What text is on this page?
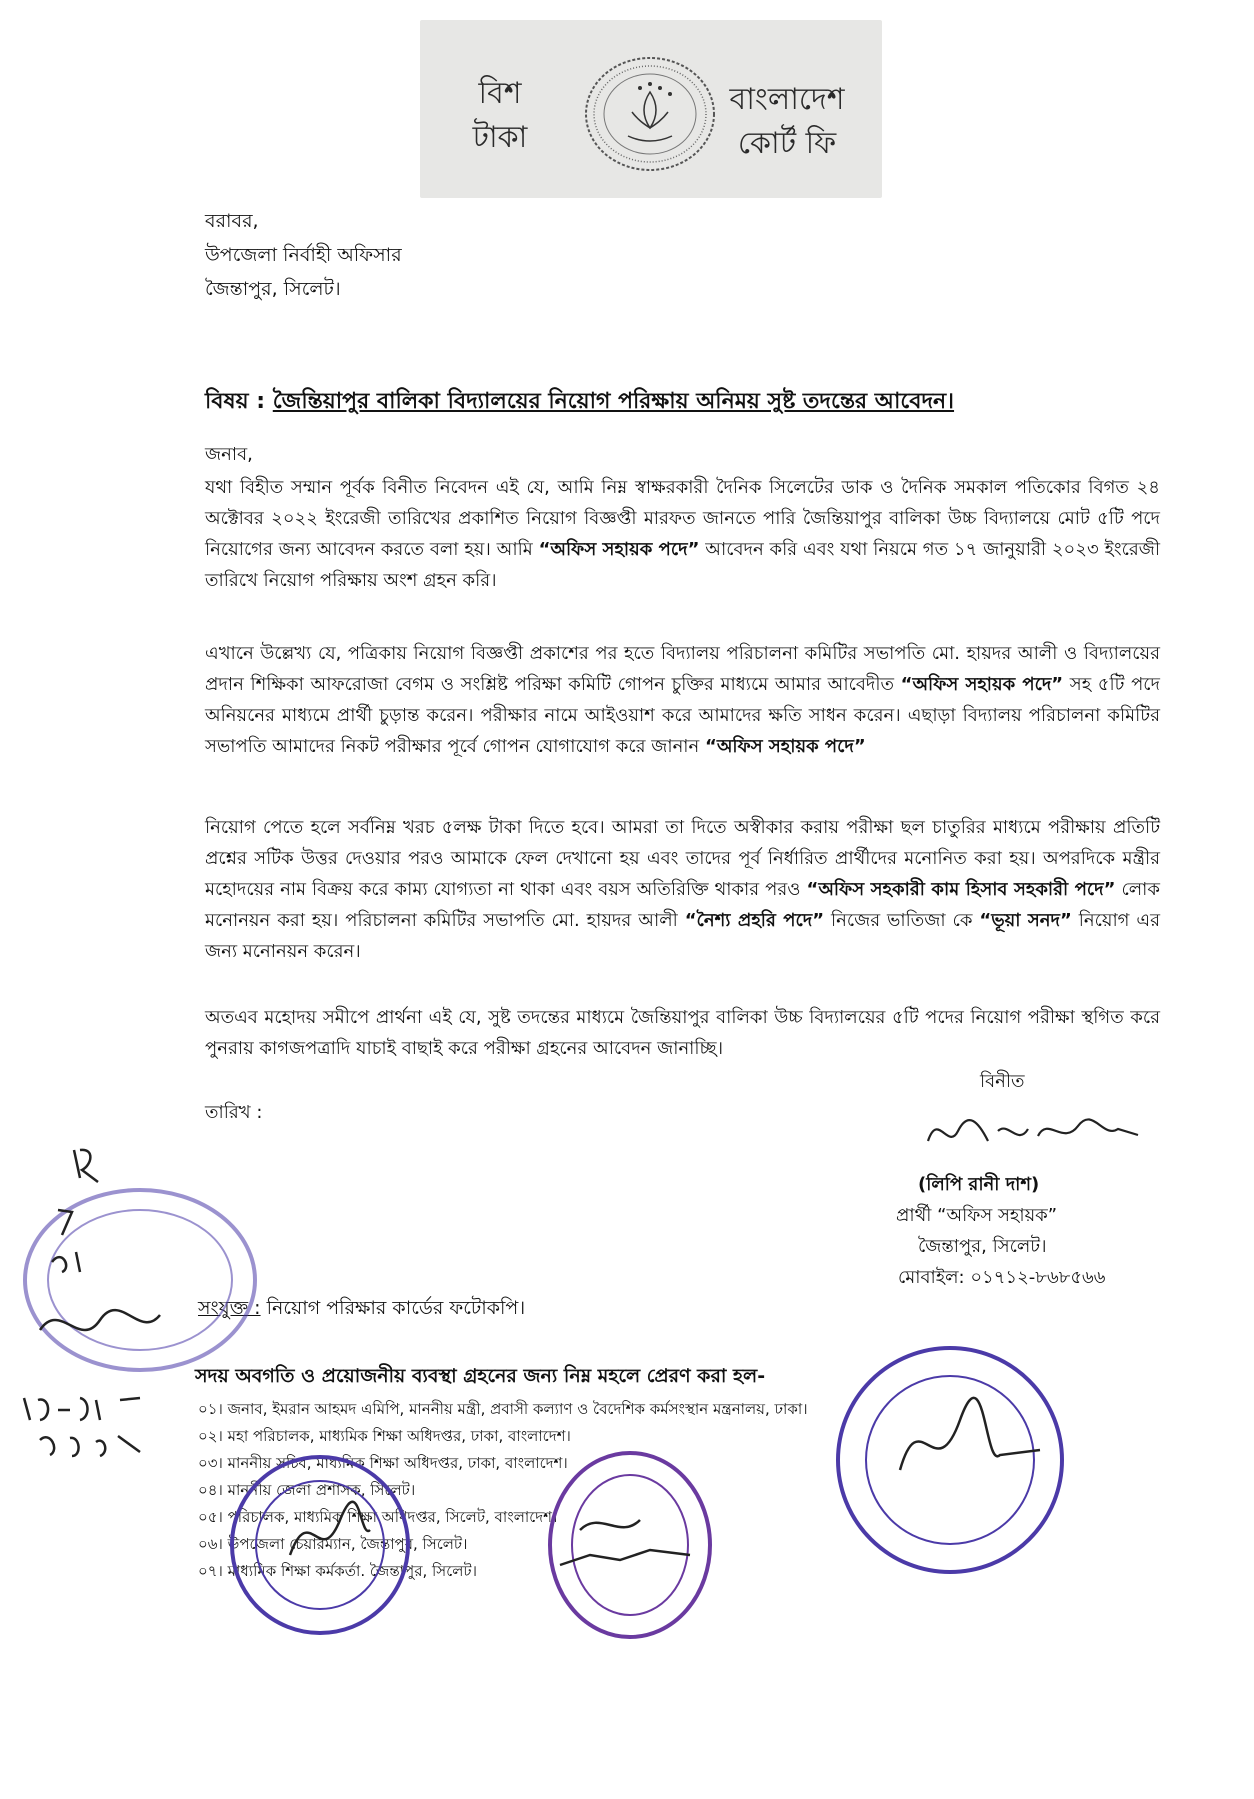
বিশ
টাকা
বাংলাদেশ
কোর্ট ফি
বরাবর,
উপজেলা নির্বাহী অফিসার
জৈন্তাপুর, সিলেট।
বিষয় : জৈন্তিয়াপুর বালিকা বিদ্যালয়ের নিয়োগ পরিক্ষায় অনিময় সুষ্ট তদন্তের আবেদন।
জনাব,

যথা বিহীত সম্মান পূর্বক বিনীত নিবেদন এই যে, আমি নিম্ন স্বাক্ষরকারী দৈনিক সিলেটের ডাক ও দৈনিক সমকাল পতিকোর বিগত ২৪ অক্টোবর ২০২২ ইংরেজী তারিখের প্রকাশিত নিয়োগ বিজ্ঞপ্তী মারফত জানতে পারি জৈন্তিয়াপুর বালিকা উচ্চ বিদ্যালয়ে মোট ৫টি পদে নিয়োগের জন্য আবেদন করতে বলা হয়। আমি “অফিস সহায়ক পদে” আবেদন করি এবং যথা নিয়মে গত ১৭ জানুয়ারী ২০২৩ ইংরেজী তারিখে নিয়োগ পরিক্ষায় অংশ গ্রহন করি।

এখানে উল্লেখ্য যে, পত্রিকায় নিয়োগ বিজ্ঞপ্তী প্রকাশের পর হতে বিদ্যালয় পরিচালনা কমিটির সভাপতি মো. হায়দর আলী ও বিদ্যালয়ের প্রদান শিক্ষিকা আফরোজা বেগম ও সংশ্লিষ্ট পরিক্ষা কমিটি গোপন চুক্তির মাধ্যমে আমার আবেদীত “অফিস সহায়ক পদে” সহ ৫টি পদে অনিয়নের মাধ্যমে প্রার্থী চুড়ান্ত করেন। পরীক্ষার নামে আইওয়াশ করে আমাদের ক্ষতি সাধন করেন। এছাড়া বিদ্যালয় পরিচালনা কমিটির সভাপতি আমাদের নিকট পরীক্ষার পূর্বে গোপন যোগাযোগ করে জানান “অফিস সহায়ক পদে”

নিয়োগ পেতে হলে সর্বনিম্ন খরচ ৫লক্ষ টাকা দিতে হবে। আমরা তা দিতে অস্বীকার করায় পরীক্ষা ছল চাতুরির মাধ্যমে পরীক্ষায় প্রতিটি প্রশ্নের সটিক উত্তর দেওয়ার পরও আমাকে ফেল দেখানো হয় এবং তাদের পূর্ব নির্ধারিত প্রার্থীদের মনোনিত করা হয়। অপরদিকে মন্ত্রীর মহোদয়ের নাম বিক্রয় করে কাম্য যোগ্যতা না থাকা এবং বয়স অতিরিক্তি থাকার পরও “অফিস সহকারী কাম হিসাব সহকারী পদে” লোক মনোনয়ন করা হয়। পরিচালনা কমিটির সভাপতি মো. হায়দর আলী “নৈশ্য প্রহরি পদে” নিজের ভাতিজা কে “ভূয়া সনদ” নিয়োগ এর জন্য মনোনয়ন করেন।

অতএব মহোদয় সমীপে প্রার্থনা এই যে, সুষ্ট তদন্তের মাধ্যমে জৈন্তিয়াপুর বালিকা উচ্চ বিদ্যালয়ের ৫টি পদের নিয়োগ পরীক্ষা স্থগিত করে পুনরায় কাগজপত্রাদি যাচাই বাছাই করে পরীক্ষা গ্রহনের আবেদন জানাচ্ছি।

তারিখ :
বিনীত
(লিপি রানী দাশ)
প্রার্থী “অফিস সহায়ক”
জৈন্তাপুর, সিলেট।
মোবাইল: ০১৭১২-৮৬৮৫৬৬
সংযুক্ত : নিয়োগ পরিক্ষার কার্ডের ফটোকপি।
সদয় অবগতি ও প্রয়োজনীয় ব্যবস্থা গ্রহনের জন্য নিম্ন মহলে প্রেরণ করা হল-
০১। জনাব, ইমরান আহমদ এমিপি, মাননীয় মন্ত্রী, প্রবাসী কল্যাণ ও বৈদেশিক কর্মসংস্থান মন্ত্রনালয়, ঢাকা।
০২। মহা পরিচালক, মাধ্যমিক শিক্ষা অধিদপ্তর, ঢাকা, বাংলাদেশ।
০৩। মাননীয় সচিব, মাধ্যমিক শিক্ষা অধিদপ্তর, ঢাকা, বাংলাদেশ।
০৪। মাননীয় জেলা প্রশাসক, সিলেট।
০৫। পরিচালক, মাধ্যমিক শিক্ষা অধিদপ্তর, সিলেট, বাংলাদেশ।
০৬। উপজেলা চেয়ারম্যান, জৈন্তাপুর, সিলেট।
০৭। মাধ্যমিক শিক্ষা কর্মকর্তা. জৈন্তাপুর, সিলেট।
